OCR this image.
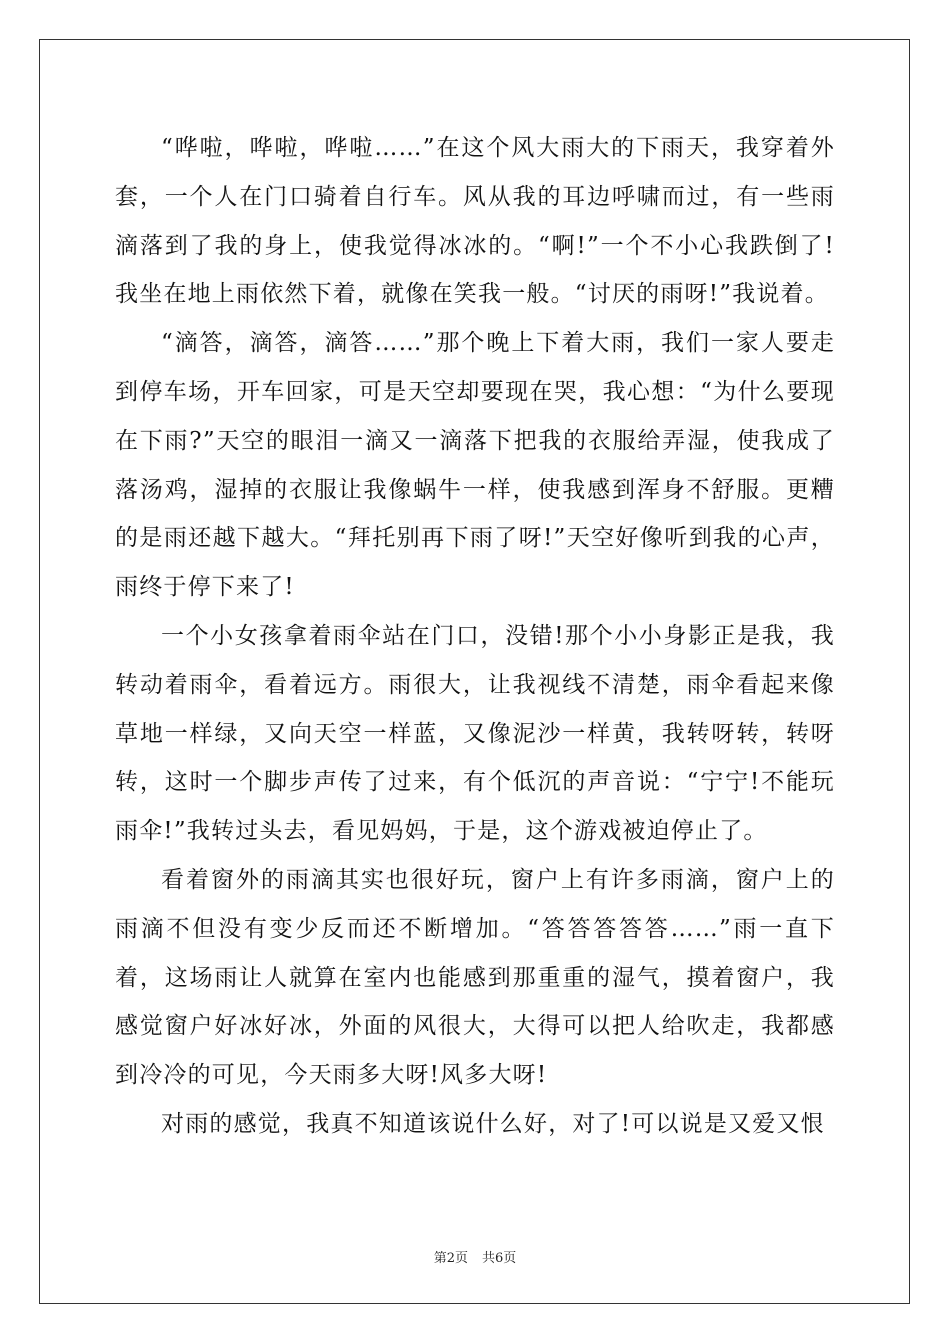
“哗啦，哗啦，哗啦……”在这个风大雨大的下雨天，我穿着外套，一个人在门口骑着自行车。风从我的耳边呼啸而过，有一些雨滴落到了我的身上，使我觉得冰冰的。“啊!”一个不小心我跌倒了!我坐在地上雨依然下着，就像在笑我一般。“讨厌的雨呀!”我说着。

“滴答，滴答，滴答……”那个晚上下着大雨，我们一家人要走到停车场，开车回家，可是天空却要现在哭，我心想：“为什么要现在下雨?”天空的眼泪一滴又一滴落下把我的衣服给弄湿，使我成了落汤鸡，湿掉的衣服让我像蜗牛一样，使我感到浑身不舒服。更糟的是雨还越下越大。“拜托别再下雨了呀!”天空好像听到我的心声，雨终于停下来了!

一个小女孩拿着雨伞站在门口，没错!那个小小身影正是我，我转动着雨伞，看着远方。雨很大，让我视线不清楚，雨伞看起来像草地一样绿，又向天空一样蓝，又像泥沙一样黄，我转呀转，转呀转，这时一个脚步声传了过来，有个低沉的声音说：“宁宁!不能玩雨伞!”我转过头去，看见妈妈，于是，这个游戏被迫停止了。

看着窗外的雨滴其实也很好玩，窗户上有许多雨滴，窗户上的雨滴不但没有变少反而还不断增加。“答答答答答……”雨一直下着，这场雨让人就算在室内也能感到那重重的湿气，摸着窗户，我感觉窗户好冰好冰，外面的风很大，大得可以把人给吹走，我都感到冷冷的可见，今天雨多大呀!风多大呀!

对雨的感觉，我真不知道该说什么好，对了!可以说是又爱又恨

第2页 共6页
